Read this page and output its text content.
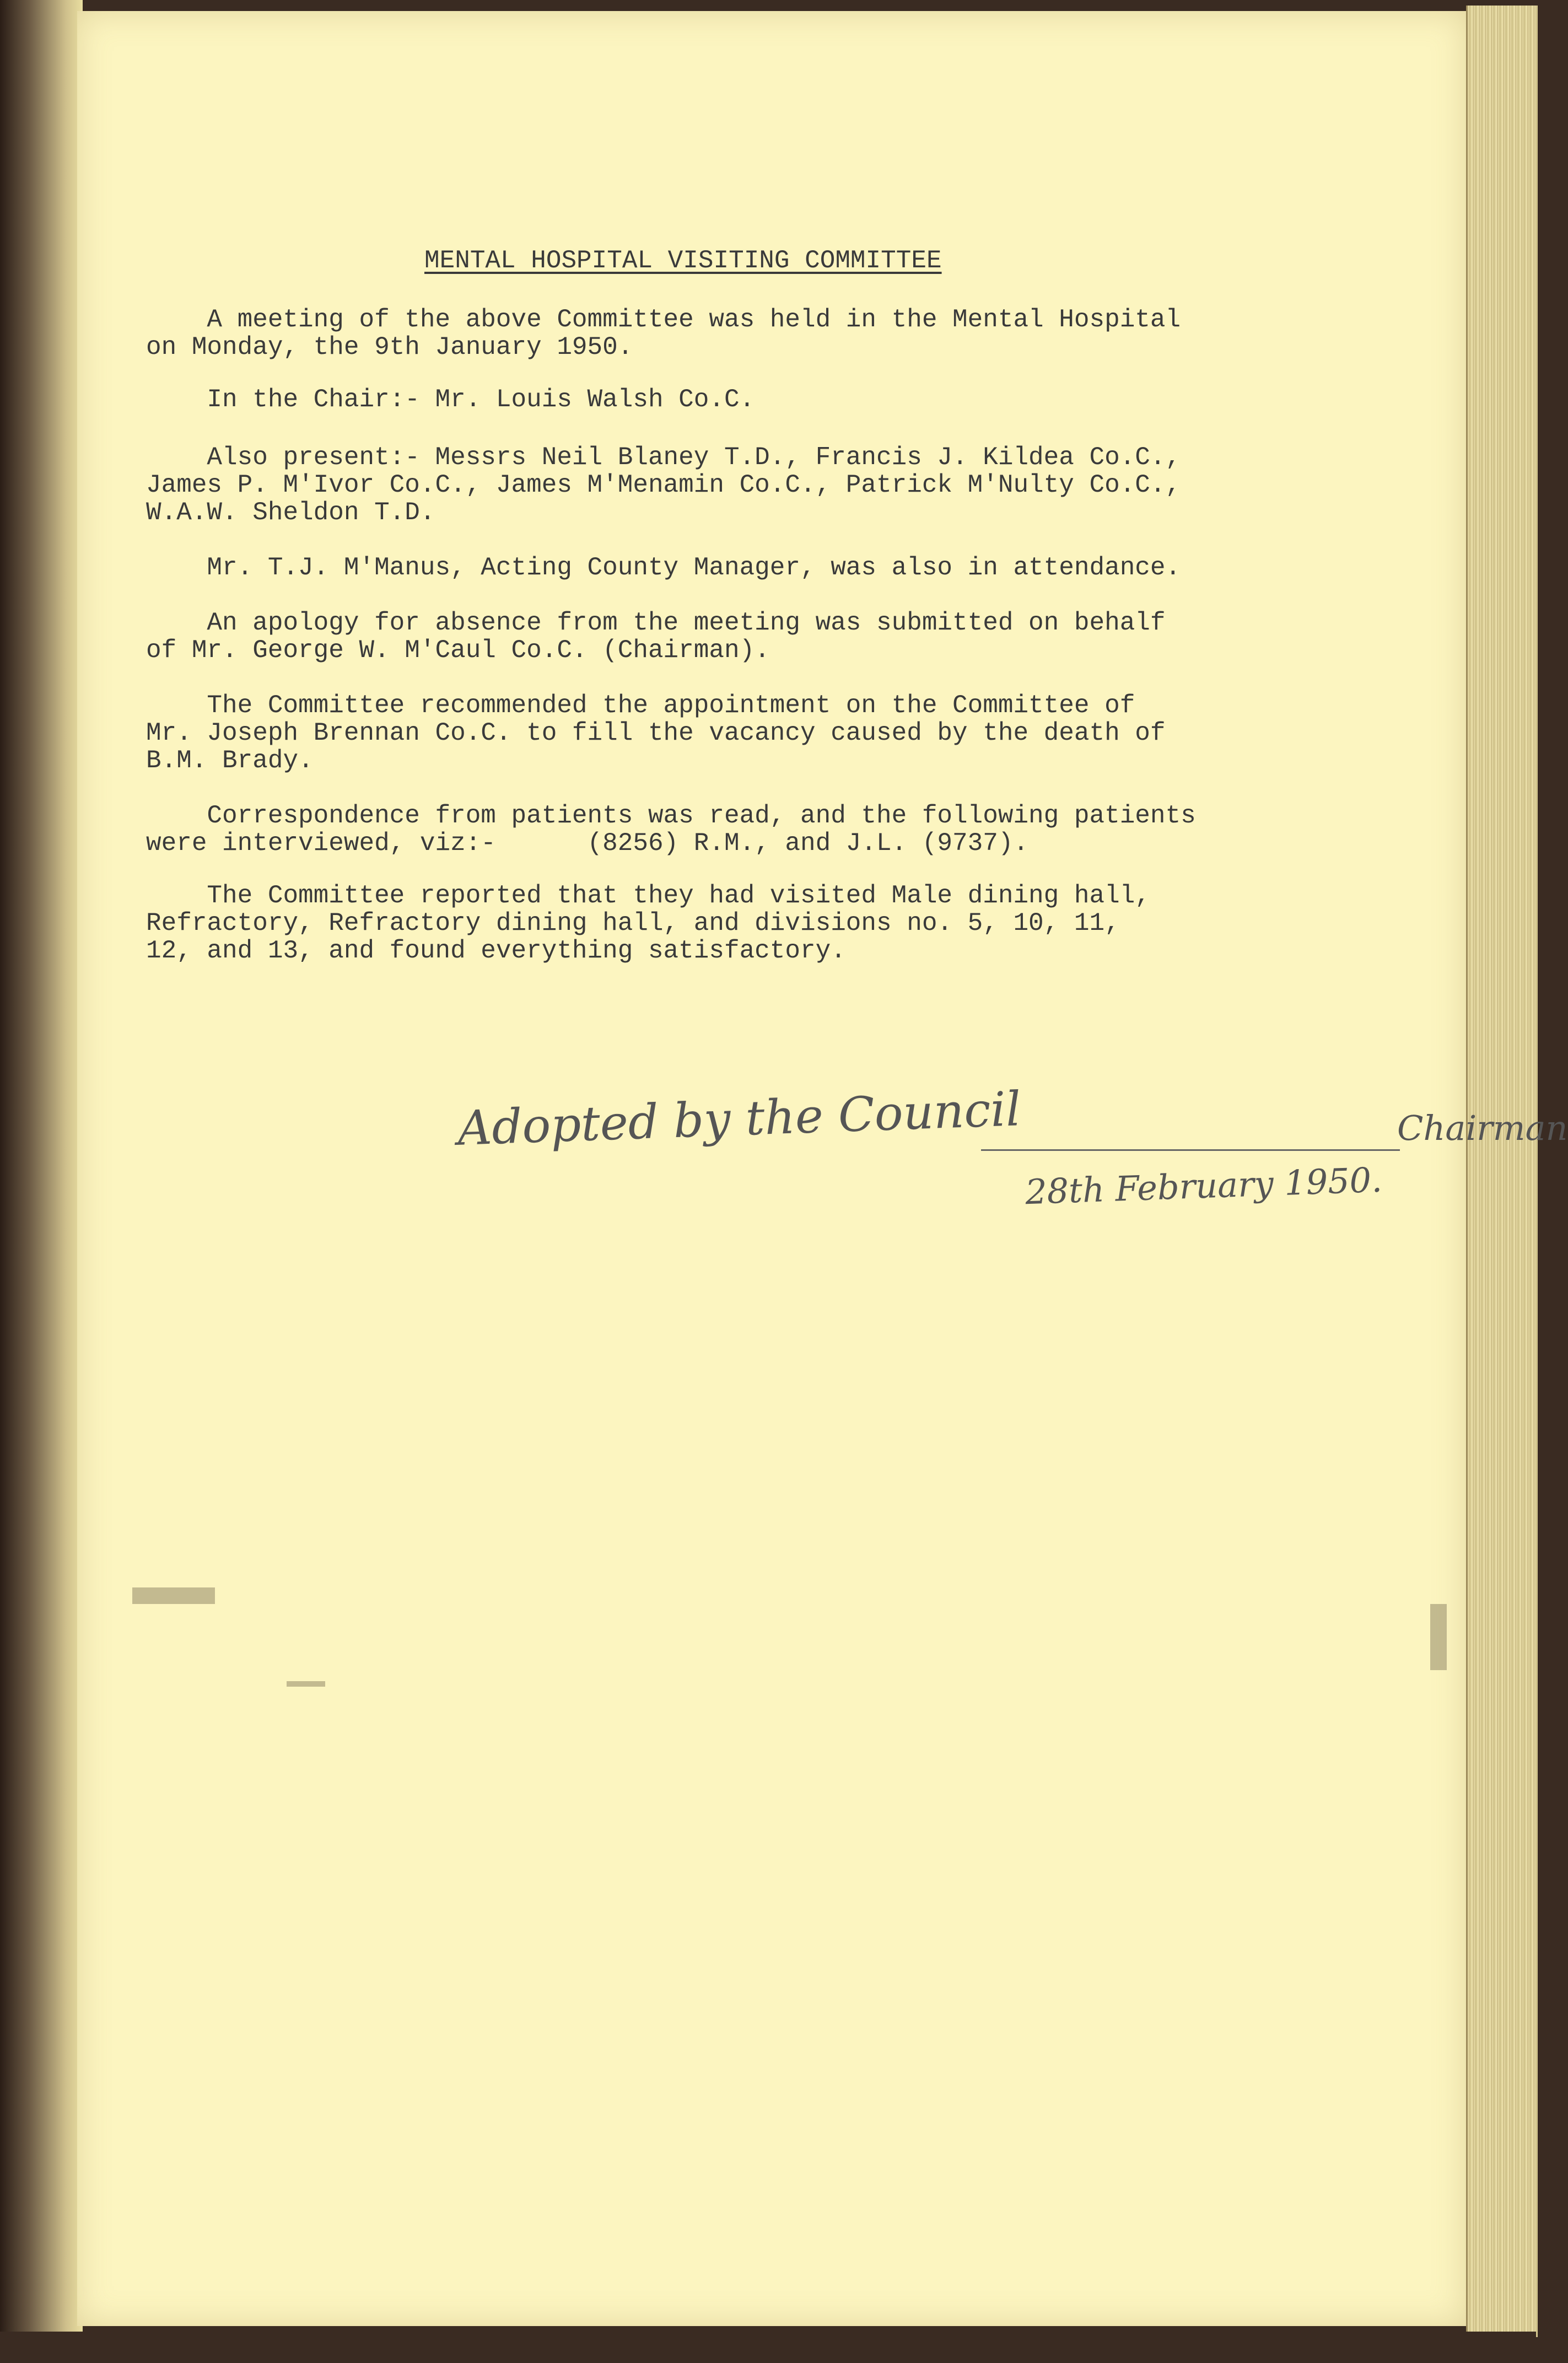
MENTAL HOSPITAL VISITING COMMITTEE
A meeting of the above Committee was held in the Mental Hospital
on Monday, the 9th January 1950.
In the Chair:- Mr. Louis Walsh Co.C.
Also present:- Messrs Neil Blaney T.D., Francis J. Kildea Co.C.,
James P. M'Ivor Co.C., James M'Menamin Co.C., Patrick M'Nulty Co.C.,
W.A.W. Sheldon T.D.
Mr. T.J. M'Manus, Acting County Manager, was also in attendance.
An apology for absence from the meeting was submitted on behalf
of Mr. George W. M'Caul Co.C. (Chairman).
The Committee recommended the appointment on the Committee of
Mr. Joseph Brennan Co.C. to fill the vacancy caused by the death of
B.M. Brady.
Correspondence from patients was read, and the following patients
were interviewed, viz:-      (8256) R.M., and J.L. (9737).
The Committee reported that they had visited Male dining hall,
Refractory, Refractory dining hall, and divisions no. 5, 10, 11,
12, and 13, and found everything satisfactory.
Adopted by the Council	Chairman
28th February 1950.
